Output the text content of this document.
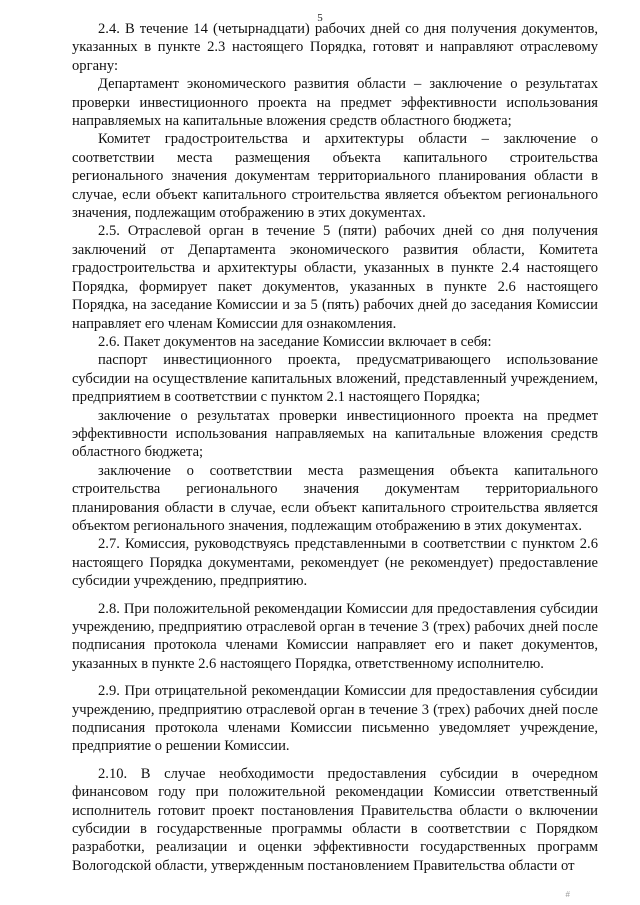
5

2.4. В течение 14 (четырнадцати) рабочих дней со дня получения документов, указанных в пункте 2.3 настоящего Порядка, готовят и направляют отраслевому органу:

Департамент экономического развития области – заключение о результатах проверки инвестиционного проекта на предмет эффективности использования направляемых на капитальные вложения средств областного бюджета;

Комитет градостроительства и архитектуры области – заключение о соответствии места размещения объекта капитального строительства регионального значения документам территориального планирования области в случае, если объект капитального строительства является объектом регионального значения, подлежащим отображению в этих документах.

2.5. Отраслевой орган в течение 5 (пяти) рабочих дней со дня получения заключений от Департамента экономического развития области, Комитета градостроительства и архитектуры области, указанных в пункте 2.4 настоящего Порядка, формирует пакет документов, указанных в пункте 2.6 настоящего Порядка, на заседание Комиссии и за 5 (пять) рабочих дней до заседания Комиссии направляет его членам Комиссии для ознакомления.

2.6. Пакет документов на заседание Комиссии включает в себя:

паспорт инвестиционного проекта, предусматривающего использование субсидии на осуществление капитальных вложений, представленный учреждением, предприятием в соответствии с пунктом 2.1 настоящего Порядка;

заключение о результатах проверки инвестиционного проекта на предмет эффективности использования направляемых на капитальные вложения средств областного бюджета;

заключение о соответствии места размещения объекта капитального строительства регионального значения документам территориального планирования области в случае, если объект капитального строительства является объектом регионального значения, подлежащим отображению в этих документах.

2.7. Комиссия, руководствуясь представленными в соответствии с пунктом 2.6 настоящего Порядка документами, рекомендует (не рекомендует) предоставление субсидии учреждению, предприятию.

2.8. При положительной рекомендации Комиссии для предоставления субсидии учреждению, предприятию отраслевой орган в течение 3 (трех) рабочих дней после подписания протокола членами Комиссии направляет его и пакет документов, указанных в пункте 2.6 настоящего Порядка, ответственному исполнителю.

2.9. При отрицательной рекомендации Комиссии для предоставления субсидии учреждению, предприятию отраслевой орган в течение 3 (трех) рабочих дней после подписания протокола членами Комиссии письменно уведомляет учреждение, предприятие о решении Комиссии.

2.10. В случае необходимости предоставления субсидии в очередном финансовом году при положительной рекомендации Комиссии ответственный исполнитель готовит проект постановления Правительства области о включении субсидии в государственные программы области в соответствии с Порядком разработки, реализации и оценки эффективности государственных программ Вологодской области, утвержденным постановлением Правительства области от

#
